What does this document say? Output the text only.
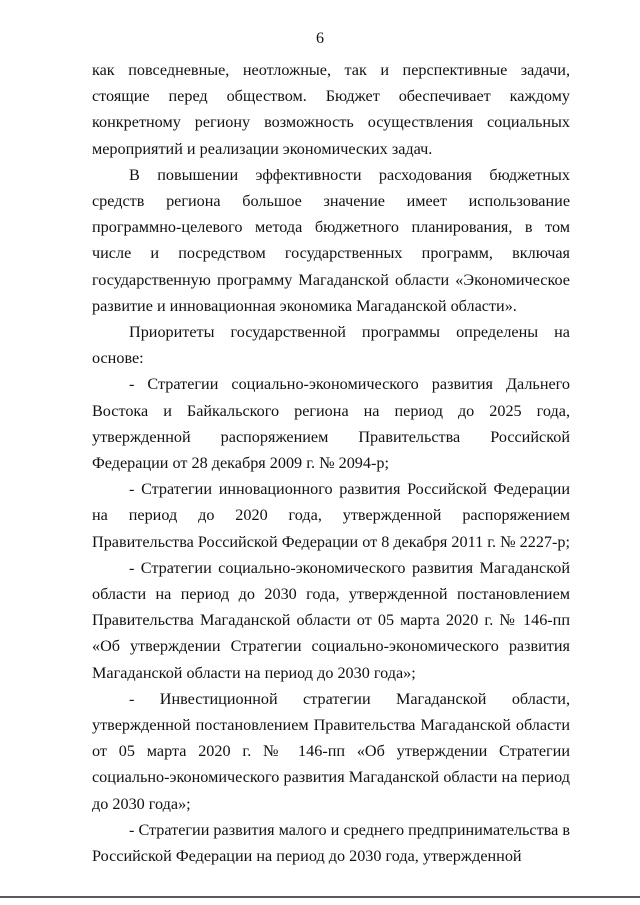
6

как повседневные, неотложные, так и перспективные задачи, стоящие перед обществом. Бюджет обеспечивает каждому конкретному региону возможность осуществления социальных мероприятий и реализации экономических задач.

В повышении эффективности расходования бюджетных средств региона большое значение имеет использование программно-целевого метода бюджетного планирования, в том числе и посредством государственных программ, включая государственную программу Магаданской области «Экономическое развитие и инновационная экономика Магаданской области».

Приоритеты государственной программы определены на основе:

- Стратегии социально-экономического развития Дальнего Востока и Байкальского региона на период до 2025 года, утвержденной распоряжением Правительства Российской Федерации от 28 декабря 2009 г. № 2094-р;

- Стратегии инновационного развития Российской Федерации на период до 2020 года, утвержденной распоряжением Правительства Российской Федерации от 8 декабря 2011 г. № 2227-р;

- Стратегии социально-экономического развития Магаданской области на период до 2030 года, утвержденной постановлением Правительства Магаданской области от 05 марта 2020 г. № 146-пп «Об утверждении Стратегии социально-экономического развития Магаданской области на период до 2030 года»;

- Инвестиционной стратегии Магаданской области, утвержденной постановлением Правительства Магаданской области от 05 марта 2020 г. № 146-пп «Об утверждении Стратегии социально-экономического развития Магаданской области на период до 2030 года»;

- Стратегии развития малого и среднего предпринимательства в Российской Федерации на период до 2030 года, утвержденной
